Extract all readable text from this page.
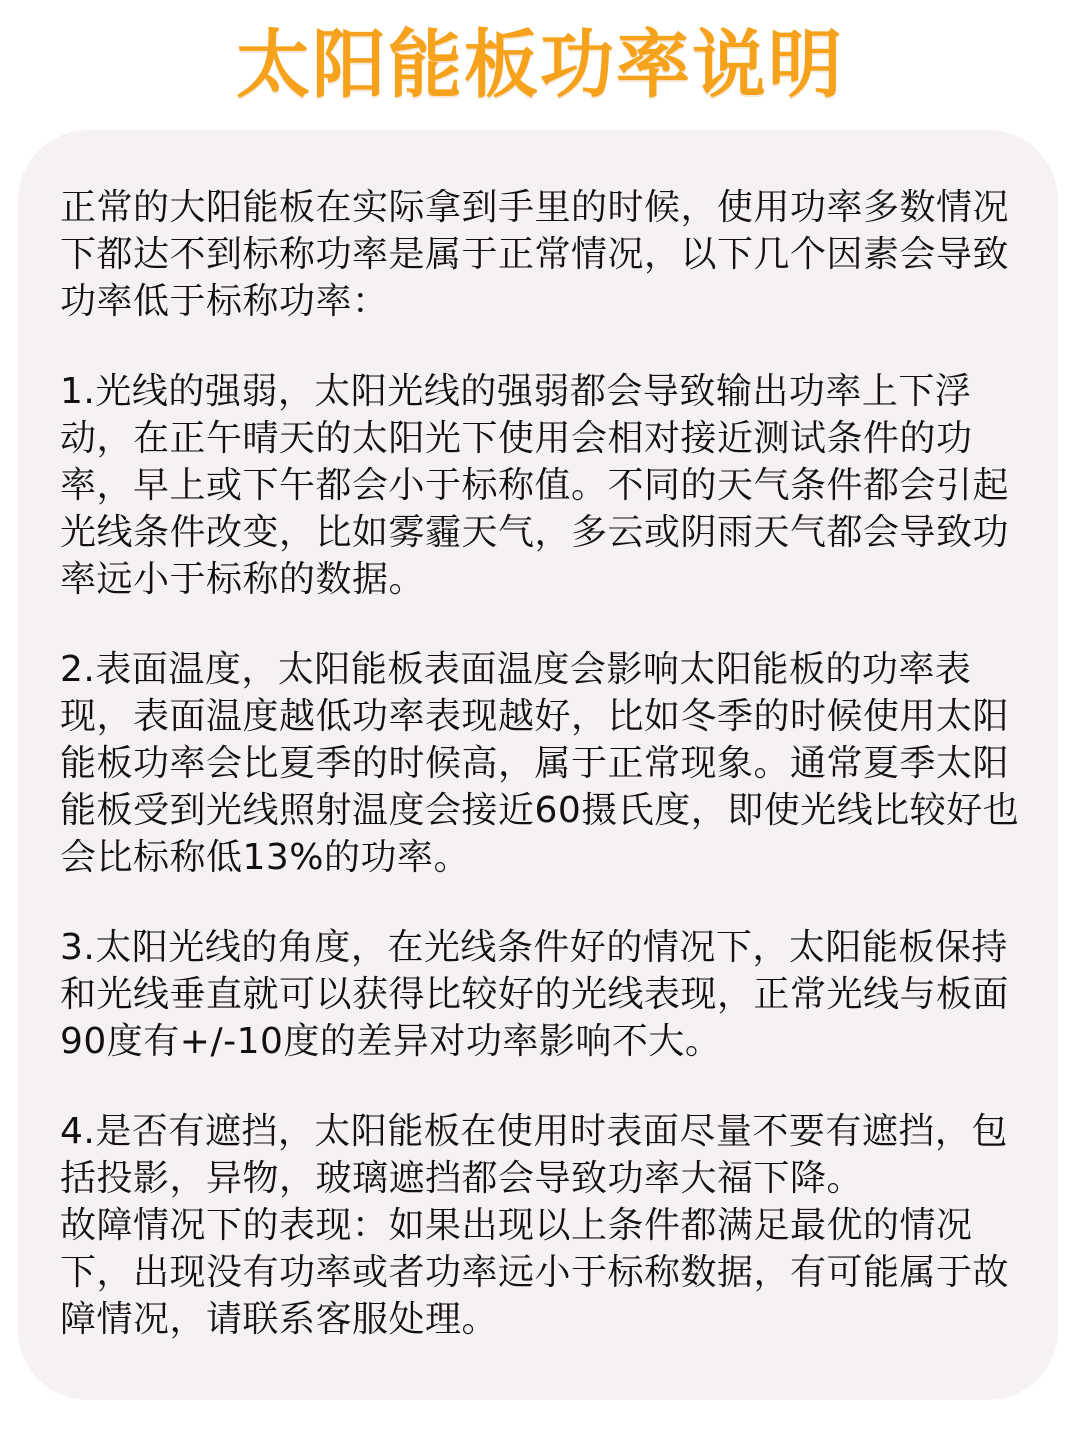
太阳能板功率说明

正常的大阳能板在实际拿到手里的时候，使用功率多数情况下都达不到标称功率是属于正常情况，以下几个因素会导致功率低于标称功率：

1.光线的强弱，太阳光线的强弱都会导致输出功率上下浮动，在正午晴天的太阳光下使用会相对接近测试条件的功率，早上或下午都会小于标称值。不同的天气条件都会引起光线条件改变，比如雾霾天气，多云或阴雨天气都会导致功率远小于标称的数据。

2.表面温度，太阳能板表面温度会影响太阳能板的功率表现，表面温度越低功率表现越好，比如冬季的时候使用太阳能板功率会比夏季的时候高，属于正常现象。通常夏季太阳能板受到光线照射温度会接近60摄氏度，即使光线比较好也会比标称低13%的功率。

3.太阳光线的角度，在光线条件好的情况下，太阳能板保持和光线垂直就可以获得比较好的光线表现，正常光线与板面90度有+/-10度的差异对功率影响不大。

4.是否有遮挡，太阳能板在使用时表面尽量不要有遮挡，包括投影，异物，玻璃遮挡都会导致功率大福下降。

故障情况下的表现：如果出现以上条件都满足最优的情况下，出现没有功率或者功率远小于标称数据，有可能属于故障情况，请联系客服处理。
